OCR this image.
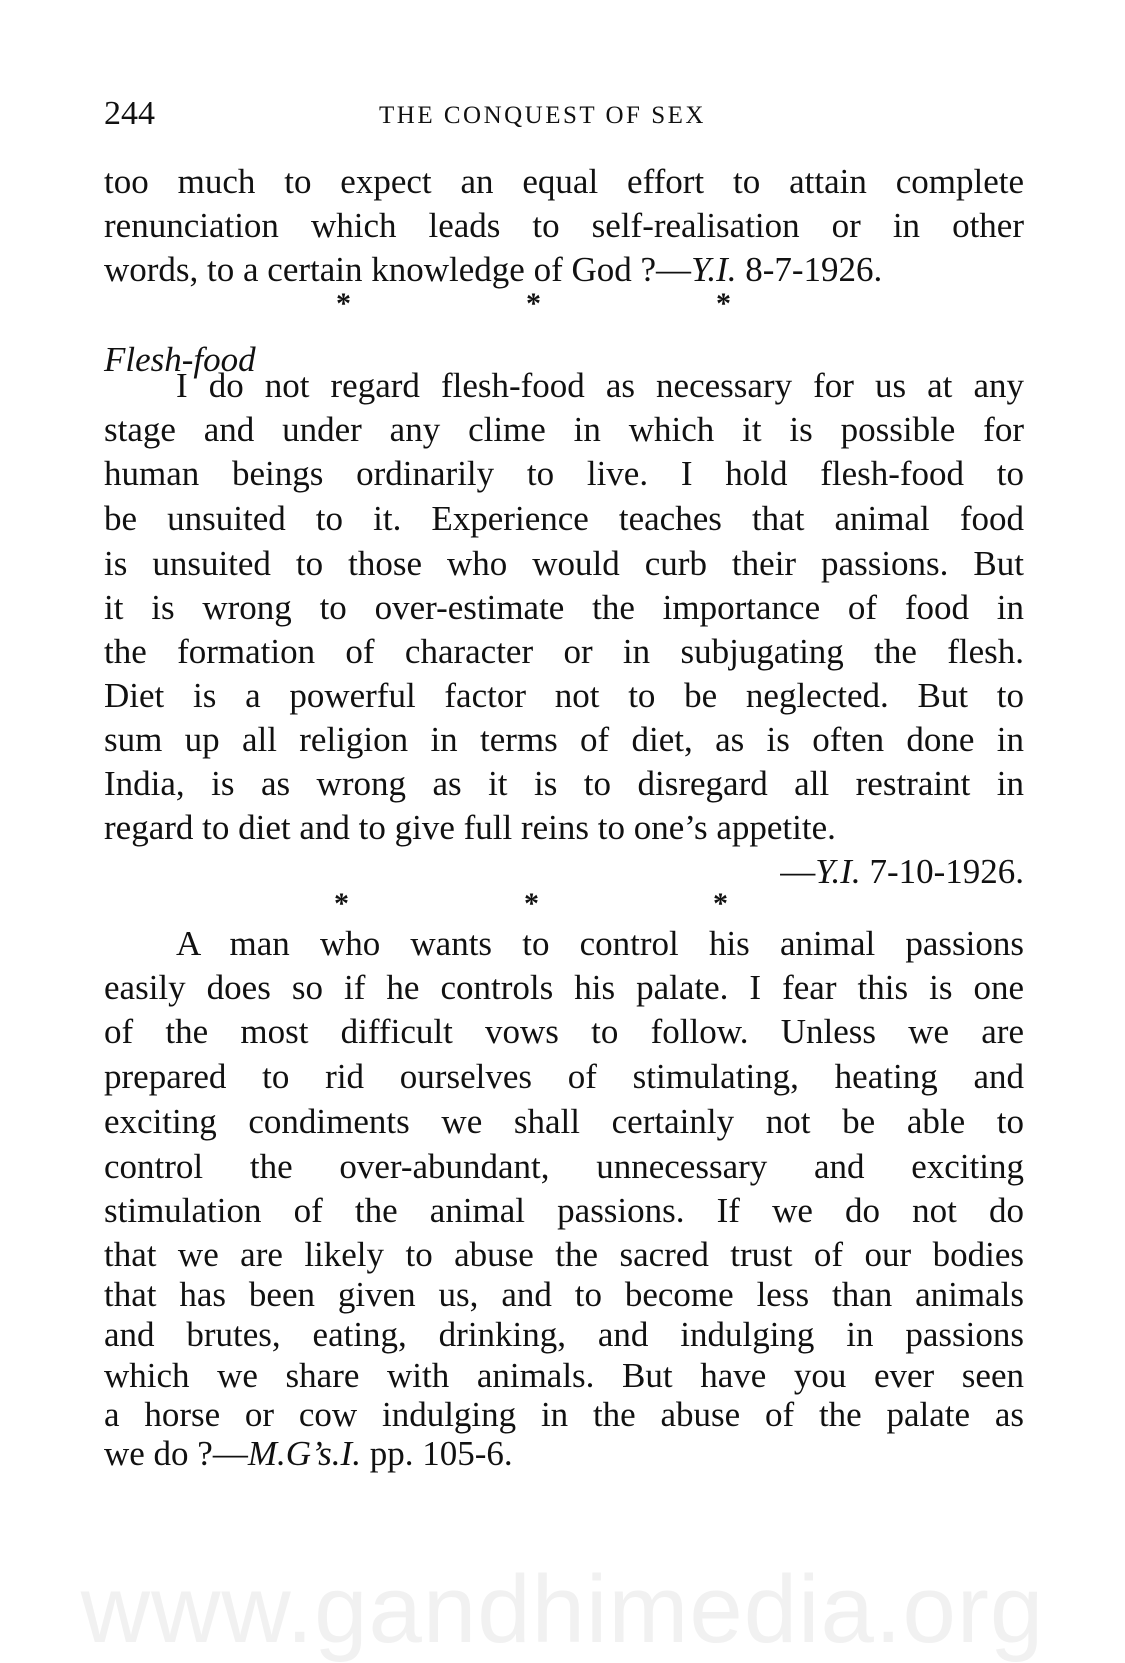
244	THE CONQUEST OF SEX
too much to expect an equal effort to attain complete
renunciation which leads to self-realisation or in other
words, to a certain knowledge of God ?—Y.I. 8-7-1926.
*	*	*
Flesh-food
I do not regard flesh-food as necessary for us at any
stage and under any clime in which it is possible for
human beings ordinarily to live. I hold flesh-food to
be unsuited to it. Experience teaches that animal food
is unsuited to those who would curb their passions. But
it is wrong to over-estimate the importance of food in
the formation of character or in subjugating the flesh.
Diet is a powerful factor not to be neglected. But to
sum up all religion in terms of diet, as is often done in
India, is as wrong as it is to disregard all restraint in
regard to diet and to give full reins to one’s appetite.
—Y.I. 7-10-1926.
*	*	*
A man who wants to control his animal passions
easily does so if he controls his palate. I fear this is one
of the most difficult vows to follow. Unless we are
prepared to rid ourselves of stimulating, heating and
exciting condiments we shall certainly not be able to
control the over-abundant, unnecessary and exciting
stimulation of the animal passions. If we do not do
that we are likely to abuse the sacred trust of our bodies
that has been given us, and to become less than animals
and brutes, eating, drinking, and indulging in passions
which we share with animals. But have you ever seen
a horse or cow indulging in the abuse of the palate as
we do ?—M.G’s.I. pp. 105-6.
www.gandhimedia.org
